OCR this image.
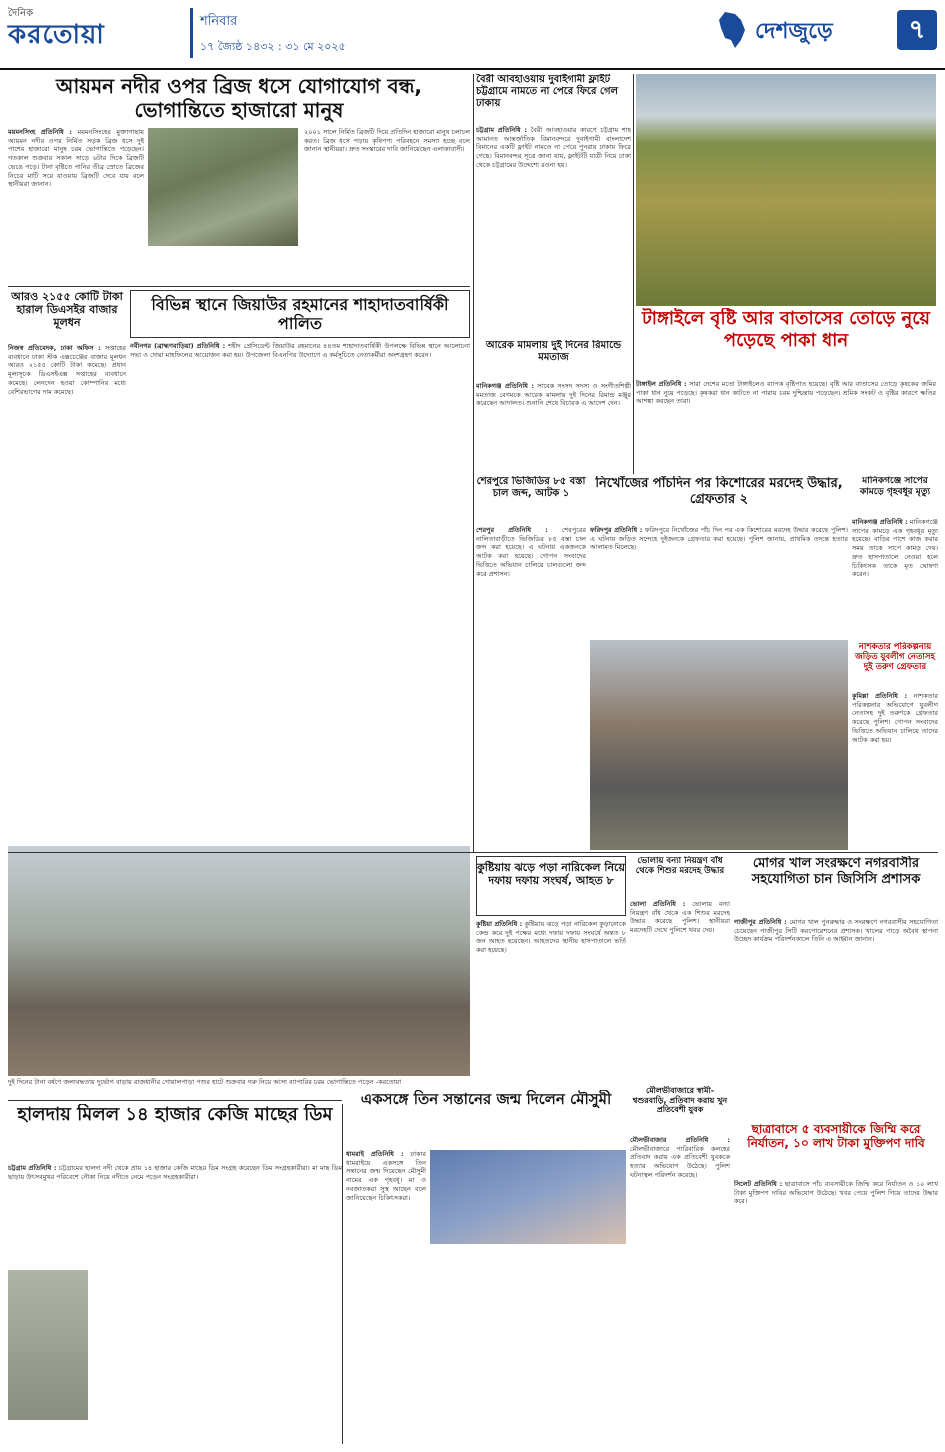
দৈনিক
করতোয়া	শনিবার
১৭ জ্যৈষ্ঠ ১৪৩২ : ৩১ মে ২০২৫
দেশজুড়ে	৭
আয়মন নদীর ওপর ব্রিজ ধসে যোগাযোগ বন্ধ, ভোগান্তিতে হাজারো মানুষ
ময়মনসিংহ প্রতিনিধি : ময়মনসিংহের মুক্তাগাছায় আয়মন নদীর ওপর নির্মিত সড়ক ব্রিজ ধসে দুই পাশের হাজারো মানুষ চরম ভোগান্তিতে পড়েছেন। গতকাল শুক্রবার সকাল সাড়ে ৬টার দিকে ব্রিজটি ভেঙে পড়ে। টানা বৃষ্টিতে পানির তীব্র স্রোতে ব্রিজের নিচের মাটি সরে যাওয়ায় ব্রিজটি দেবে যায় বলে স্থানীয়রা জানান।
২০০১ সালে নির্মিত ব্রিজটি দিয়ে প্রতিদিন হাজারো মানুষ চলাচল করত। ব্রিজ ধসে পড়ায় কৃষিপণ্য পরিবহনে সমস্যা হচ্ছে বলে জানান স্থানীয়রা। দ্রুত সংস্কারের দাবি জানিয়েছেন এলাকাবাসী।
বৈরী আবহাওয়ায় দুবাইগামী ফ্লাইট চট্টগ্রামে নামতে না পেরে ফিরে গেল ঢাকায়
চট্টগ্রাম প্রতিনিধি : বৈরী আবহাওয়ার কারণে চট্টগ্রাম শাহ আমানত আন্তর্জাতিক বিমানবন্দরে দুবাইগামী বাংলাদেশ বিমানের একটি ফ্লাইট নামতে না পেরে পুনরায় ঢাকায় ফিরে গেছে। বিমানবন্দর সূত্রে জানা যায়, ফ্লাইটটি যাত্রী নিয়ে ঢাকা থেকে চট্টগ্রামের উদ্দেশ্যে রওনা হয়।
টাঙ্গাইলে বৃষ্টি আর বাতাসের তোড়ে নুয়ে পড়েছে পাকা ধান
বিভিন্ন স্থানে জিয়াউর রহমানের শাহাদাতবার্ষিকী পালিত
নবীনগর (ব্রাহ্মণবাড়িয়া) প্রতিনিধি : শহীদ প্রেসিডেন্ট জিয়াউর রহমানের ৪৪তম শাহাদাতবার্ষিকী উপলক্ষে বিভিন্ন স্থানে আলোচনা সভা ও দোয়া মাহফিলের আয়োজন করা হয়। উপজেলা বিএনপির উদ্যোগে এ কর্মসূচিতে নেতাকর্মীরা অংশগ্রহণ করেন।
আরও ২১৫৫ কোটি টাকা হারাল ডিএসইর বাজার মূলধন
নিজস্ব প্রতিবেদক, ঢাকা অফিস : সপ্তাহের ব্যবধানে ঢাকা স্টক এক্সচেঞ্জের বাজার মূলধন আরও ২১৫৫ কোটি টাকা কমেছে। প্রধান মূল্যসূচক ডিএসইএক্স সপ্তাহের ব্যবধানে কমেছে। লেনদেন হওয়া কোম্পানির মধ্যে বেশিরভাগের দাম কমেছে।
আরেক মামলায় দুই দিনের রিমান্ডে মমতাজ
মানিকগঞ্জ প্রতিনিধি : সাবেক সংসদ সদস্য ও সংগীতশিল্পী মমতাজ বেগমকে আরেক মামলায় দুই দিনের রিমান্ড মঞ্জুর করেছেন আদালত। শুনানি শেষে বিচারক এ আদেশ দেন।
টাঙ্গাইল প্রতিনিধি : সারা দেশের মতো টাঙ্গাইলেও ব্যাপক বৃষ্টিপাত হয়েছে। বৃষ্টি আর বাতাসের তোড়ে কৃষকের জমির পাকা ধান নুয়ে পড়েছে। কৃষকরা ধান কাটতে না পারায় চরম দুশ্চিন্তায় পড়েছেন। শ্রমিক সংকট ও বৃষ্টির কারণে ক্ষতির আশঙ্কা করছেন তারা।
শেরপুরে ভিজিডির ৮৫ বস্তা চাল জব্দ, আটক ১
শেরপুর প্রতিনিধি : শেরপুরের নালিতাবাড়ীতে ভিজিডির ৮৫ বস্তা চাল জব্দ করা হয়েছে। এ ঘটনায় একজনকে আটক করা হয়েছে। গোপন সংবাদের ভিত্তিতে অভিযান চালিয়ে চালগুলো জব্দ করে প্রশাসন।
নিখোঁজের পাঁচদিন পর কিশোরের মরদেহ উদ্ধার, গ্রেফতার ২
ফরিদপুর প্রতিনিধি : ফরিদপুরে নিখোঁজের পাঁচ দিন পর এক কিশোরের মরদেহ উদ্ধার করেছে পুলিশ। এ ঘটনায় জড়িত সন্দেহে দুইজনকে গ্রেফতার করা হয়েছে। পুলিশ জানায়, প্রাথমিক তদন্তে হত্যার আলামত মিলেছে।
মানিকগঞ্জে সাপের কামড়ে গৃহবধূর মৃত্যু
মানিকগঞ্জ প্রতিনিধি : মানিকগঞ্জে সাপের কামড়ে এক গৃহবধূর মৃত্যু হয়েছে। বাড়ির পাশে কাজ করার সময় তাকে সাপে কামড় দেয়। দ্রুত হাসপাতালে নেওয়া হলে চিকিৎসক তাকে মৃত ঘোষণা করেন।
নাশকতার পরিকল্পনায় জড়িত যুবলীগ নেতাসহ দুই তরুণ গ্রেফতার
কুমিল্লা প্রতিনিধি : নাশকতার পরিকল্পনার অভিযোগে যুবলীগ নেতাসহ দুই তরুণকে গ্রেফতার করেছে পুলিশ। গোপন সংবাদের ভিত্তিতে অভিযান চালিয়ে তাদের আটক করা হয়।
দুই দিনের টানা বর্ষণে জলাবদ্ধতায় দুর্ভোগ বাড়ায় রাজধানীর গোয়ালপাড়া পশুর হাটে শুক্রবার গরু নিয়ে আসা ব্যাপারির চরম ভোগান্তিতে পড়েন -করতোয়া
কুষ্টিয়ায় ঝড়ে পড়া নারিকেল নিয়ে দফায় দফায় সংঘর্ষ, আহত ৮
কুষ্টিয়া প্রতিনিধি : কুষ্টিয়ায় ঝড়ে পড়া নারিকেল কুড়ানোকে কেন্দ্র করে দুই পক্ষের মধ্যে দফায় দফায় সংঘর্ষে অন্তত ৮ জন আহত হয়েছেন। আহতদের স্থানীয় হাসপাতালে ভর্তি করা হয়েছে।
ভোলায় বন্যা নিয়ন্ত্রণ বাঁধ থেকে শিশুর মরদেহ উদ্ধার
ভোলা প্রতিনিধি : ভোলায় বন্যা নিয়ন্ত্রণ বাঁধ থেকে এক শিশুর মরদেহ উদ্ধার করেছে পুলিশ। স্থানীয়রা মরদেহটি দেখে পুলিশে খবর দেয়।
মোগর খাল সংরক্ষণে নগরবাসীর সহযোগিতা চান জিসিসি প্রশাসক
গাজীপুর প্রতিনিধি : মোগর খাল পুনরুদ্ধার ও সংরক্ষণে নগরবাসীর সহযোগিতা চেয়েছেন গাজীপুর সিটি করপোরেশনের প্রশাসক। খালের পাড়ে অবৈধ স্থাপনা উচ্ছেদ কার্যক্রম পরিদর্শনকালে তিনি এ আহ্বান জানান।
মৌলভীবাজারে স্বামী-শ্বশুরবাড়ি, প্রতিবাদ করায় খুন প্রতিবেশী যুবক
মৌলভীবাজার প্রতিনিধি : মৌলভীবাজারে পারিবারিক কলহের প্রতিবাদ করায় এক প্রতিবেশী যুবককে হত্যার অভিযোগ উঠেছে। পুলিশ ঘটনাস্থল পরিদর্শন করেছে।
ছাত্রাবাসে ৫ ব্যবসায়ীকে জিম্মি করে নির্যাতন, ১০ লাখ টাকা মুক্তিপণ দাবি
সিলেট প্রতিনিধি : ছাত্রাবাসে পাঁচ ব্যবসায়ীকে জিম্মি করে নির্যাতন ও ১০ লাখ টাকা মুক্তিপণ দাবির অভিযোগ উঠেছে। খবর পেয়ে পুলিশ গিয়ে তাদের উদ্ধার করে।
একসঙ্গে তিন সন্তানের জন্ম দিলেন মৌসুমী
ধামরাই প্রতিনিধি : ঢাকার ধামরাইয়ে একসঙ্গে তিন সন্তানের জন্ম দিয়েছেন মৌসুমী নামের এক গৃহবধূ। মা ও নবজাতকরা সুস্থ আছেন বলে জানিয়েছেন চিকিৎসকরা।
হালদায় মিলল ১৪ হাজার কেজি মাছের ডিম
চট্টগ্রাম প্রতিনিধি : চট্টগ্রামের হালদা নদী থেকে প্রায় ১৪ হাজার কেজি মাছের ডিম সংগ্রহ করেছেন ডিম সংগ্রহকারীরা। মা মাছ ডিম ছাড়ায় উৎসবমুখর পরিবেশে নৌকা নিয়ে নদীতে নেমে পড়েন সংগ্রহকারীরা।
